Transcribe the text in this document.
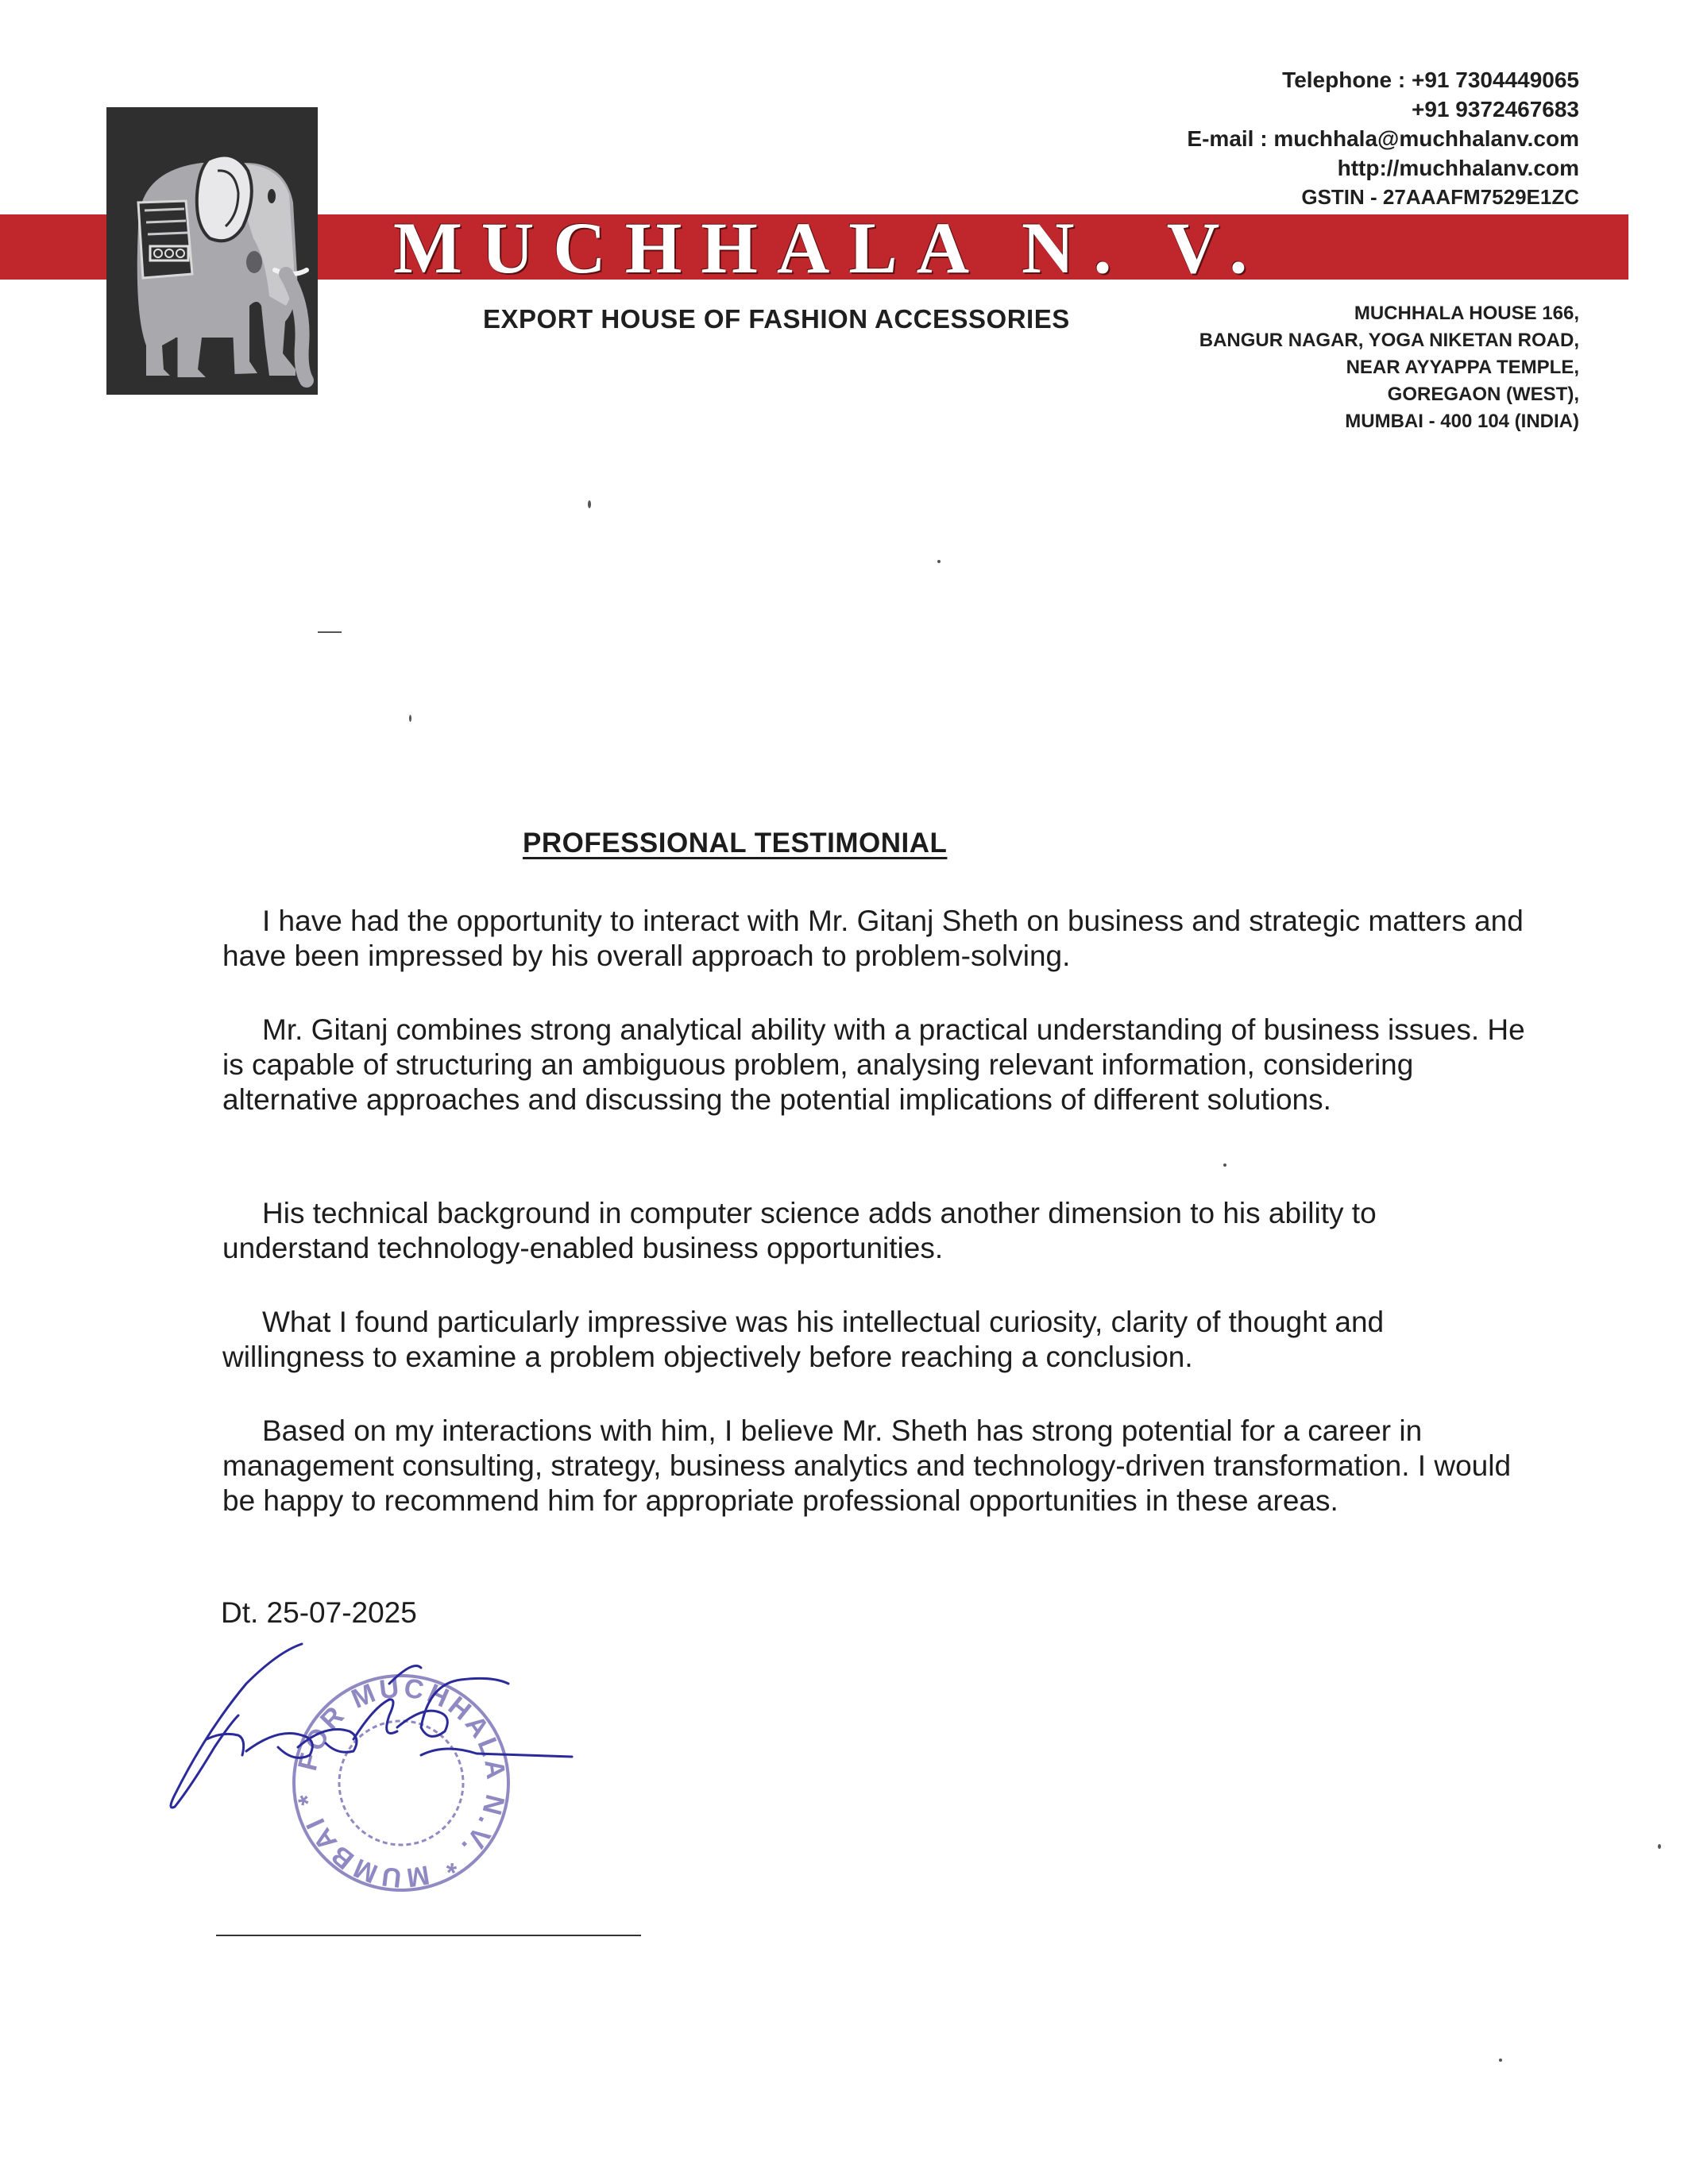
MUCHHALA N. V.
EXPORT HOUSE OF FASHION ACCESSORIES
Telephone : +91 7304449065
+91 9372467683
E-mail : muchhala@muchhalanv.com
http://muchhalanv.com
GSTIN - 27AAAFM7529E1ZC
MUCHHALA HOUSE 166,
BANGUR NAGAR, YOGA NIKETAN ROAD,
NEAR AYYAPPA TEMPLE,
GOREGAON (WEST),
MUMBAI - 400 104 (INDIA)
PROFESSIONAL TESTIMONIAL

I have had the opportunity to interact with Mr. Gitanj Sheth on business and strategic matters and have been impressed by his overall approach to problem-solving.

Mr. Gitanj combines strong analytical ability with a practical understanding of business issues. He is capable of structuring an ambiguous problem, analysing relevant information, considering alternative approaches and discussing the potential implications of different solutions.

His technical background in computer science adds another dimension to his ability to understand technology-enabled business opportunities.

What I found particularly impressive was his intellectual curiosity, clarity of thought and willingness to examine a problem objectively before reaching a conclusion.

Based on my interactions with him, I believe Mr. Sheth has strong potential for a career in management consulting, strategy, business analytics and technology-driven transformation. I would be happy to recommend him for appropriate professional opportunities in these areas.

Dt. 25-07-2025
FOR MUCHHALA N.V. * MUMBAI *
